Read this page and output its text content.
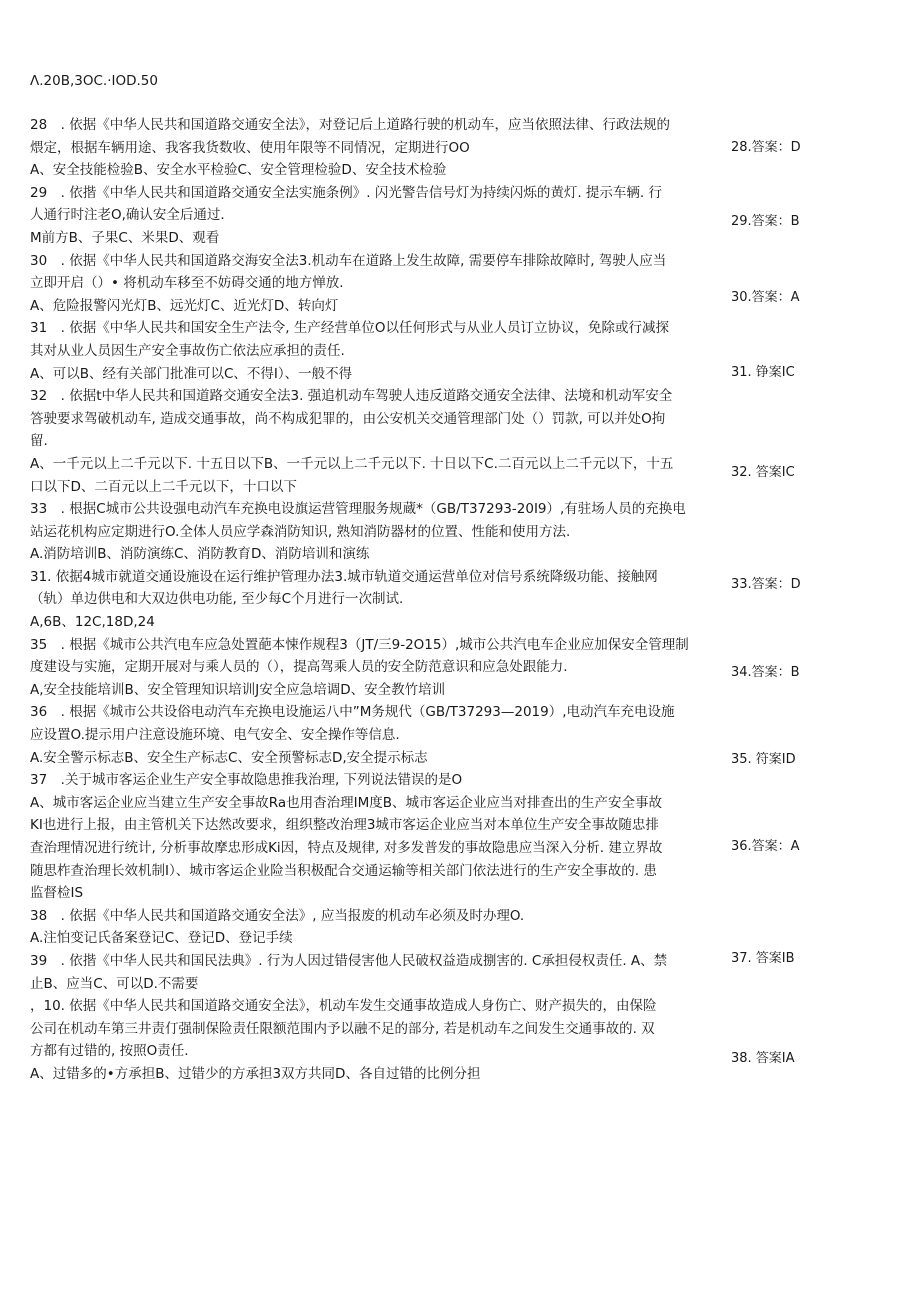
Λ.20B,3OC.·IOD.50
28　. 依据《中华人民共和国道路交通安全法》，对登记后上道路行驶的机动车，应当依照法律、行政法规的
煨定，根据车辆用途、我客我货数收、使用年限等不同情况，定期进行OO
A、安全技能检验B、安全水平检验C、安全管理检验D、安全技术检验
29　. 依揩《中华人民共和国道路交通安全法实施条例》. 闪光警告信号灯为持续闪烁的黄灯. 提示车辆. 行
人通行时注老O,确认安全后通过.
M前方B、子果C、米果D、观看
30　. 依据《中华人民共和国道路交海安全法3.机动车在道路上发生故障, 需要停车排除故障时, 驾驶人应当
立即开启（）• 将机动车移至不妨碍交通的地方惮放.
A、危险报警闪光灯B、远光灯C、近光灯D、转向灯
31　. 依据《中华人民共和国安全生产法令, 生产经营单位O以任何形式与从业人员订立协议，免除或行减探
其对从业人员因生产安全事故伤亡依法应承担的责任.
A、可以B、经有关部门批准可以C、不得I）、一般不得
32　. 依据t中华人民共和国道路交通安全法3. 强追机动车驾驶人违反道路交通安全法律、法境和机动军安全
答驶要求驾破机动车, 造成交通事故，尚不构成犯罪的，由公安机关交通管理部门处（）罚款, 可以并处O拘
留.
A、一千元以上二千元以下. 十五日以下B、一千元以上二千元以下. 十日以下C.二百元以上二千元以下，十五
口以下D、二百元以上二千元以下，十口以下
33　. 根据C城市公共设强电动汽车充换电设旗运营管理服务规蔵*（GB/T37293-20I9）,有驻场人员的充换电
站运花机构应定期进行O.全体人员应学森消防知识, 熟知消防器材的位置、性能和使用方法.
A.消防培训B、消防演练C、消防教育D、消防培训和演练
31. 依据4城市就道交通设施设在运行维护管理办法3.城市轨道交通运营单位对信号系统降级功能、接触网
（轨）单边供电和大双边供电功能, 至少每C个月进行一次制试.
A,6B、12C,18D,24
35　. 根据《城市公共汽电车应急处置葩本悚作规程3（JT/三9-2O15）,城市公共汽电车企业应加保安全管理制
度建设与实施，定期开展对与乘人员的（），提高驾乘人员的安全防范意识和应急处跟能力.
A,安全技能培训B、安全管理知识培训J安全应急培调D、安全教竹培训
36　. 根据《城市公共设俗电动汽车充换电设施运八中”M务规代（GB/T37293—2019）,电动汽车充电设施
应设置O.提示用户注意设施环境、电气安全、安全操作等信息.
A.安全警示标志B、安全生产标志C、安全预警标志D,安全提示标志
37　.关于城市客运企业生产安全事故隐患推我治理, 下列说法错误的是O
A、城市客运企业应当建立生产安全事故Ra也用杳治理IM度B、城市客运企业应当对排查出的生产安全事故
KI也进行上报，由主管机关下达然改要求，组织整改治理3城市客运企业应当对本单位生产安全事故随忠排
查治理情况进行统计, 分析事故摩忠形成Ki因，特点及规律, 对多发普发的事故隐患应当深入分析. 建立界故
随思柞查治理长效机制I）、城市客运企业险当积极配合交通运输等相关部门依法进行的生产安全事故的. 患
监督检IS
38　. 依据《中华人民共和国道路交通安全法》, 应当报废的机动车必须及时办理O.
A.注怕变记氏备案登记C、登记D、登记手续
39　. 依揩《中华人民共和国民法典》. 行为人因过错侵害他人民破权益造成捌害的. C承担侵权责任. A、禁
止B、应当C、可以D.不需要
，10. 依据《中华人民共和国道路交通安全法》，机动车发生交通事故造成人身伤亡、财产损失的，由保险
公司在机动车第三井责仃强制保险责任限额范围内予以融不足的部分, 若是机动车之间发生交通事故的. 双
方都有过错的, 按照O责任.
A、过错多的•方承担B、过错少的方承担3双方共同D、各自过错的比例分担
28.答案：D
29.答案：B
30.答案：A
31. 铮案IC
32. 答案IC
33.答案：D
34.答案：B
35. 符案ID
36.答案：A
37. 答案IB
38. 答案IA
